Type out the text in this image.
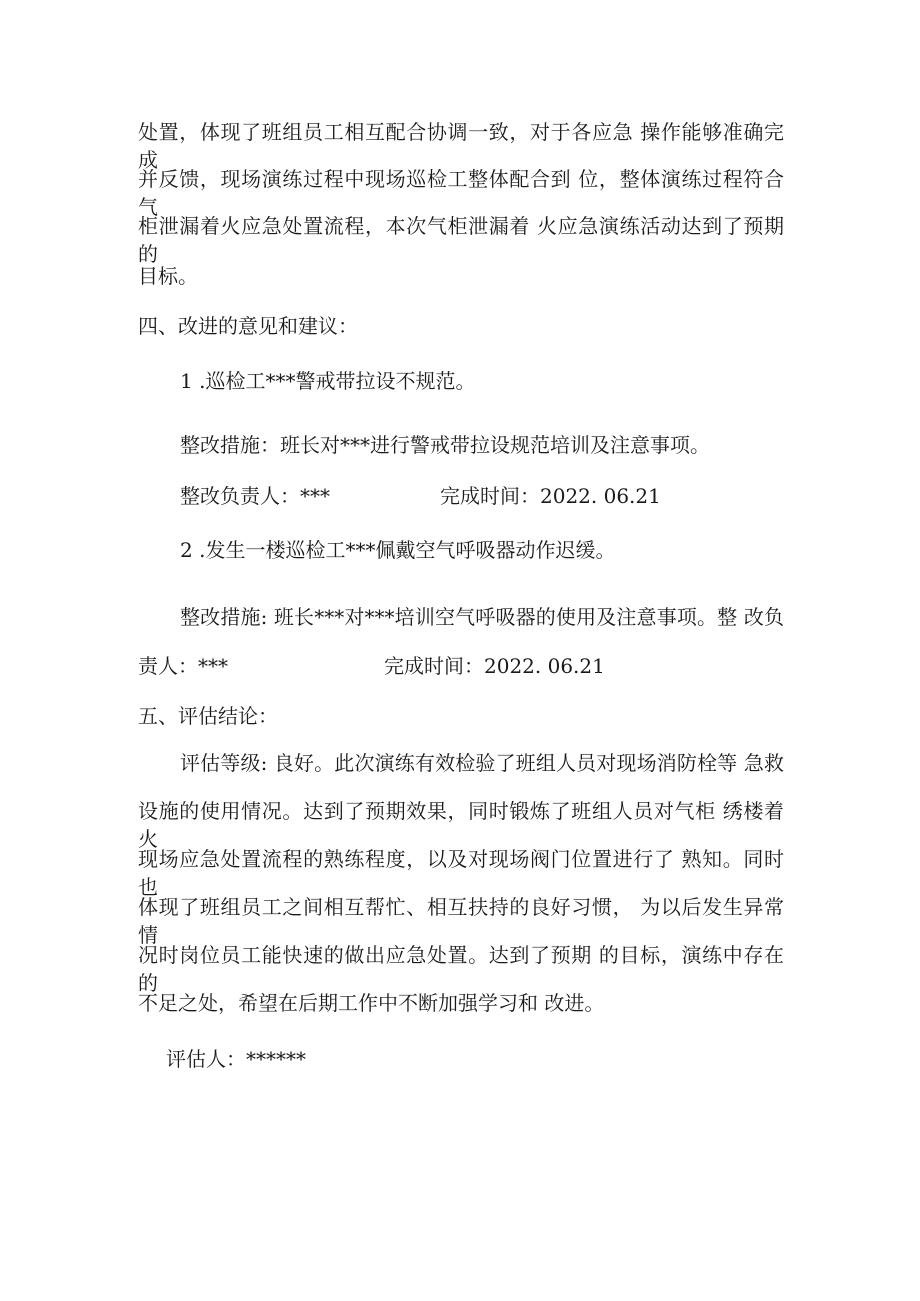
处置，体现了班组员工相互配合协调一致，对于各应急 操作能够准确完成
并反馈，现场演练过程中现场巡检工整体配合到 位，整体演练过程符合气
柜泄漏着火应急处置流程，本次气柜泄漏着 火应急演练活动达到了预期的
目标。
四、改进的意见和建议：
1 .巡检工***警戒带拉设不规范。
整改措施：班长对***进行警戒带拉设规范培训及注意事项。
整改负责人：***	完成时间：2022. 06.21
2 .发生一楼巡检工***佩戴空气呼吸器动作迟缓。
整改措施: 班长***对***培训空气呼吸器的使用及注意事项。整 改负
责人：***	完成时间：2022. 06.21
五、评估结论：
评估等级: 良好。此次演练有效检验了班组人员对现场消防栓等 急救
设施的使用情况。达到了预期效果，同时锻炼了班组人员对气柜 绣楼着火
现场应急处置流程的熟练程度，以及对现场阀门位置进行了 熟知。同时也
体现了班组员工之间相互帮忙、相互扶持的良好习惯， 为以后发生异常情
况时岗位员工能快速的做出应急处置。达到了预期 的目标，演练中存在的
不足之处，希望在后期工作中不断加强学习和 改进。
评估人：******
